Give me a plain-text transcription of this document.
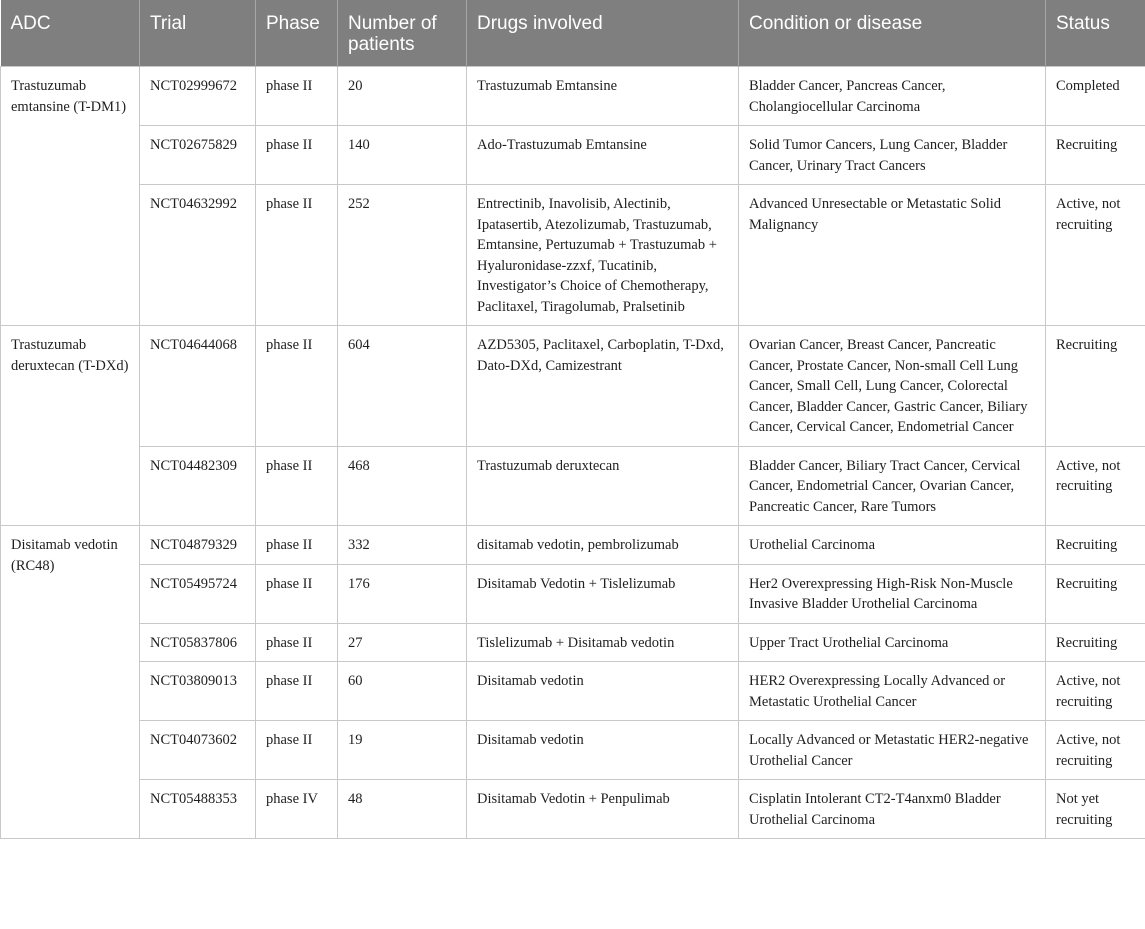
ADC	Trial	Phase	Number of patients	Drugs involved	Condition or disease	Status
Trastuzumab emtansine (T-DM1)	NCT02999672	phase II	20	Trastuzumab Emtansine	Bladder Cancer, Pancreas Cancer, Cholangiocellular Carcinoma	Completed
	NCT02675829	phase II	140	Ado-Trastuzumab Emtansine	Solid Tumor Cancers, Lung Cancer, Bladder Cancer, Urinary Tract Cancers	Recruiting
	NCT04632992	phase II	252	Entrectinib, Inavolisib, Alectinib, Ipatasertib, Atezolizumab, Trastuzumab, Emtansine, Pertuzumab + Trastuzumab + Hyaluronidase-zzxf, Tucatinib, Investigator’s Choice of Chemotherapy, Paclitaxel, Tiragolumab, Pralsetinib	Advanced Unresectable or Metastatic Solid Malignancy	Active, not recruiting
Trastuzumab deruxtecan (T-DXd)	NCT04644068	phase II	604	AZD5305, Paclitaxel, Carboplatin, T-Dxd, Dato-DXd, Camizestrant	Ovarian Cancer, Breast Cancer, Pancreatic Cancer, Prostate Cancer, Non-small Cell Lung Cancer, Small Cell, Lung Cancer, Colorectal Cancer, Bladder Cancer, Gastric Cancer, Biliary Cancer, Cervical Cancer, Endometrial Cancer	Recruiting
	NCT04482309	phase II	468	Trastuzumab deruxtecan	Bladder Cancer, Biliary Tract Cancer, Cervical Cancer, Endometrial Cancer, Ovarian Cancer, Pancreatic Cancer, Rare Tumors	Active, not recruiting
Disitamab vedotin (RC48)	NCT04879329	phase II	332	disitamab vedotin, pembrolizumab	Urothelial Carcinoma	Recruiting
	NCT05495724	phase II	176	Disitamab Vedotin + Tislelizumab	Her2 Overexpressing High-Risk Non-Muscle Invasive Bladder Urothelial Carcinoma	Recruiting
	NCT05837806	phase II	27	Tislelizumab + Disitamab vedotin	Upper Tract Urothelial Carcinoma	Recruiting
	NCT03809013	phase II	60	Disitamab vedotin	HER2 Overexpressing Locally Advanced or Metastatic Urothelial Cancer	Active, not recruiting
	NCT04073602	phase II	19	Disitamab vedotin	Locally Advanced or Metastatic HER2-negative Urothelial Cancer	Active, not recruiting
	NCT05488353	phase IV	48	Disitamab Vedotin + Penpulimab	Cisplatin Intolerant CT2-T4anxm0 Bladder Urothelial Carcinoma	Not yet recruiting
